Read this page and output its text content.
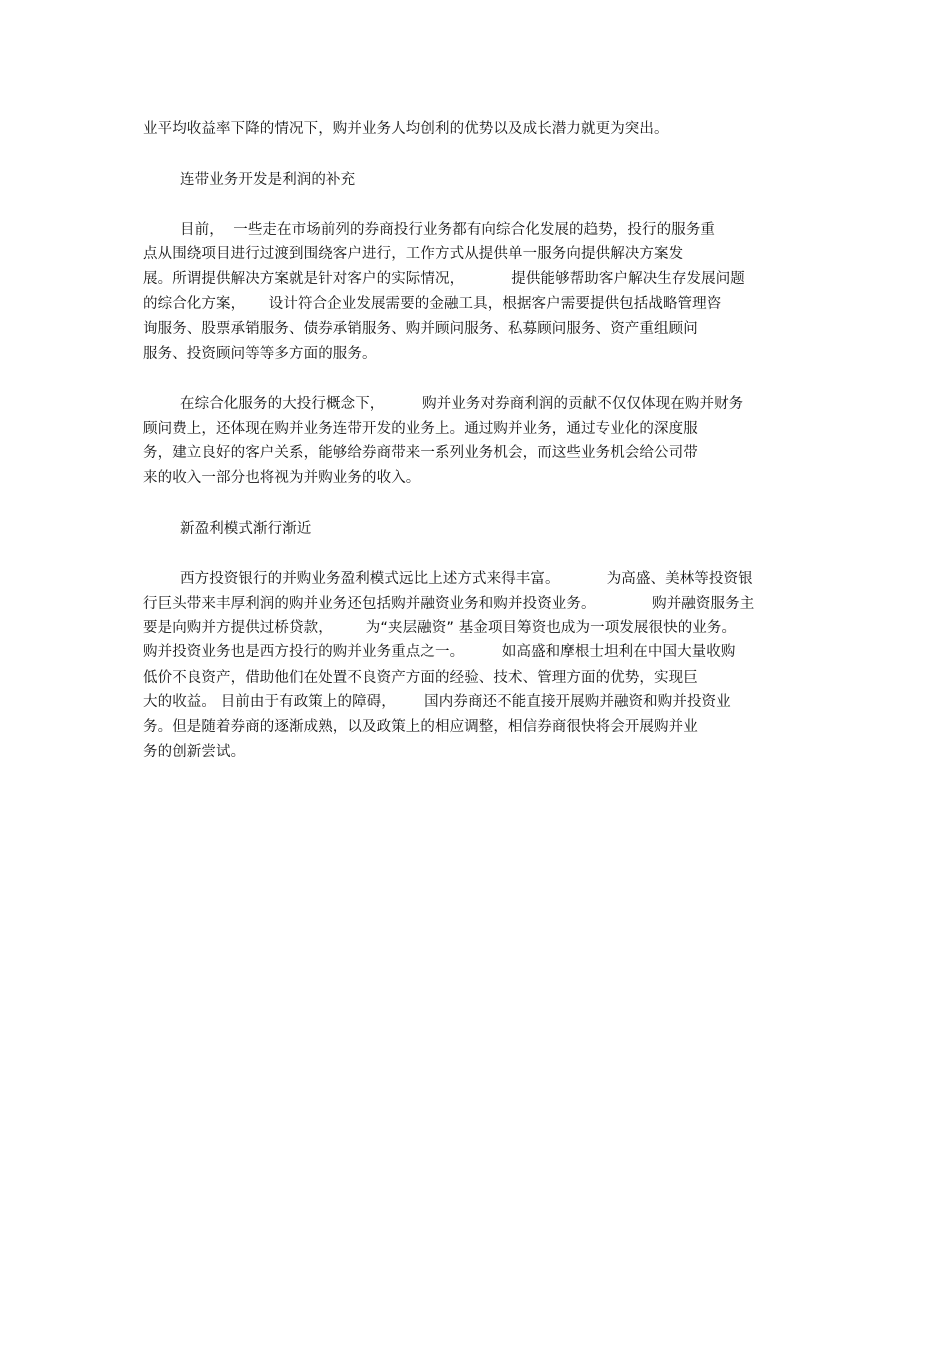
业平均收益率下降的情况下，购并业务人均创利的优势以及成长潜力就更为突出。

连带业务开发是利润的补充

目前，  一些走在市场前列的券商投行业务都有向综合化发展的趋势，投行的服务重

点从围绕项目进行过渡到围绕客户进行，工作方式从提供单一服务向提供解决方案发

展。所谓提供解决方案就是针对客户的实际情况，          提供能够帮助客户解决生存发展问题

的综合化方案，     设计符合企业发展需要的金融工具，根据客户需要提供包括战略管理咨

询服务、股票承销服务、债券承销服务、购并顾问服务、私募顾问服务、资产重组顾问

服务、投资顾问等等多方面的服务。

在综合化服务的大投行概念下，        购并业务对券商利润的贡献不仅仅体现在购并财务

顾问费上，还体现在购并业务连带开发的业务上。通过购并业务，通过专业化的深度服

务，建立良好的客户关系，能够给券商带来一系列业务机会，而这些业务机会给公司带

来的收入一部分也将视为并购业务的收入。

新盈利模式渐行渐近

西方投资银行的并购业务盈利模式远比上述方式来得丰富。          为高盛、美林等投资银

行巨头带来丰厚利润的购并业务还包括购并融资业务和购并投资业务。            购并融资服务主

要是向购并方提供过桥贷款，       为“夹层融资” 基金项目筹资也成为一项发展很快的业务。

购并投资业务也是西方投行的购并业务重点之一。        如高盛和摩根士坦利在中国大量收购

低价不良资产，借助他们在处置不良资产方面的经验、技术、管理方面的优势，实现巨

大的收益。 目前由于有政策上的障碍，      国内券商还不能直接开展购并融资和购并投资业

务。但是随着券商的逐渐成熟，以及政策上的相应调整，相信券商很快将会开展购并业

务的创新尝试。
